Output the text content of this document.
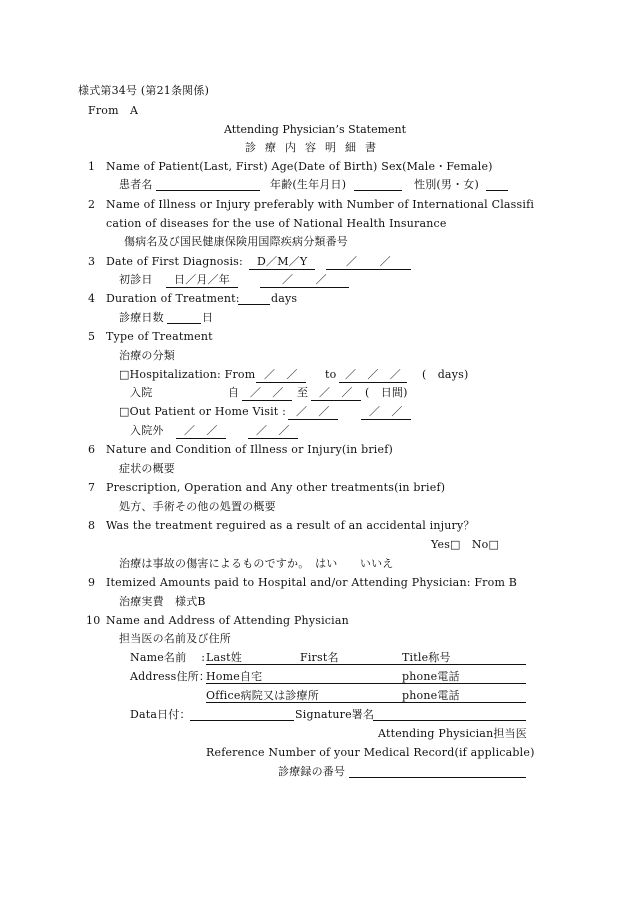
様式第34号 (第21条関係)
From　A
Attending Physician’s Statement
診療内容明細書
1 Name of Patient(Last, First) Age(Date of Birth) Sex(Male・Female)
患者名	年齢(生年月日)	性別(男・女)
2 Name of Illness or Injury preferably with Number of International Classifi
cation of diseases for the use of National Health Insurance
傷病名及び国民健康保険用国際疾病分類番号
3 Date of First Diagnosis:	D／M／Y	／　　／
初診日	日／月／年	／　　／
4 Duration of Treatment:	days
診療日数	日
5 Type of Treatment
治療の分類
□Hospitalization: From ／　／	to ／　／　／	(　days)
入院	自 ／　／	至 ／　／	(　日間)
□Out Patient or Home Visit : ／　／	／　／
入院外	／　／	／　／
6 Nature and Condition of Illness or Injury(in brief)
症状の概要
7 Prescription, Operation and Any other treatments(in brief)
処方、手術その他の処置の概要
8 Was the treatment reguired as a result of an accidental injury？
Yes□　No□
治療は事故の傷害によるものですか。　はい　　いいえ
9 Itemized Amounts paid to Hospital and/or Attending Physician: From B
治療実費　様式B
10 Name and Address of Attending Physician
担当医の名前及び住所
Name名前　 : Last姓	First名	Title称号
Address住所：
Home自宅	phone電話
Office病院又は診療所	phone電話
Data日付：	Signature署名
Attending Physician担当医
Reference Number of your Medical Record(if applicable)
診療録の番号
